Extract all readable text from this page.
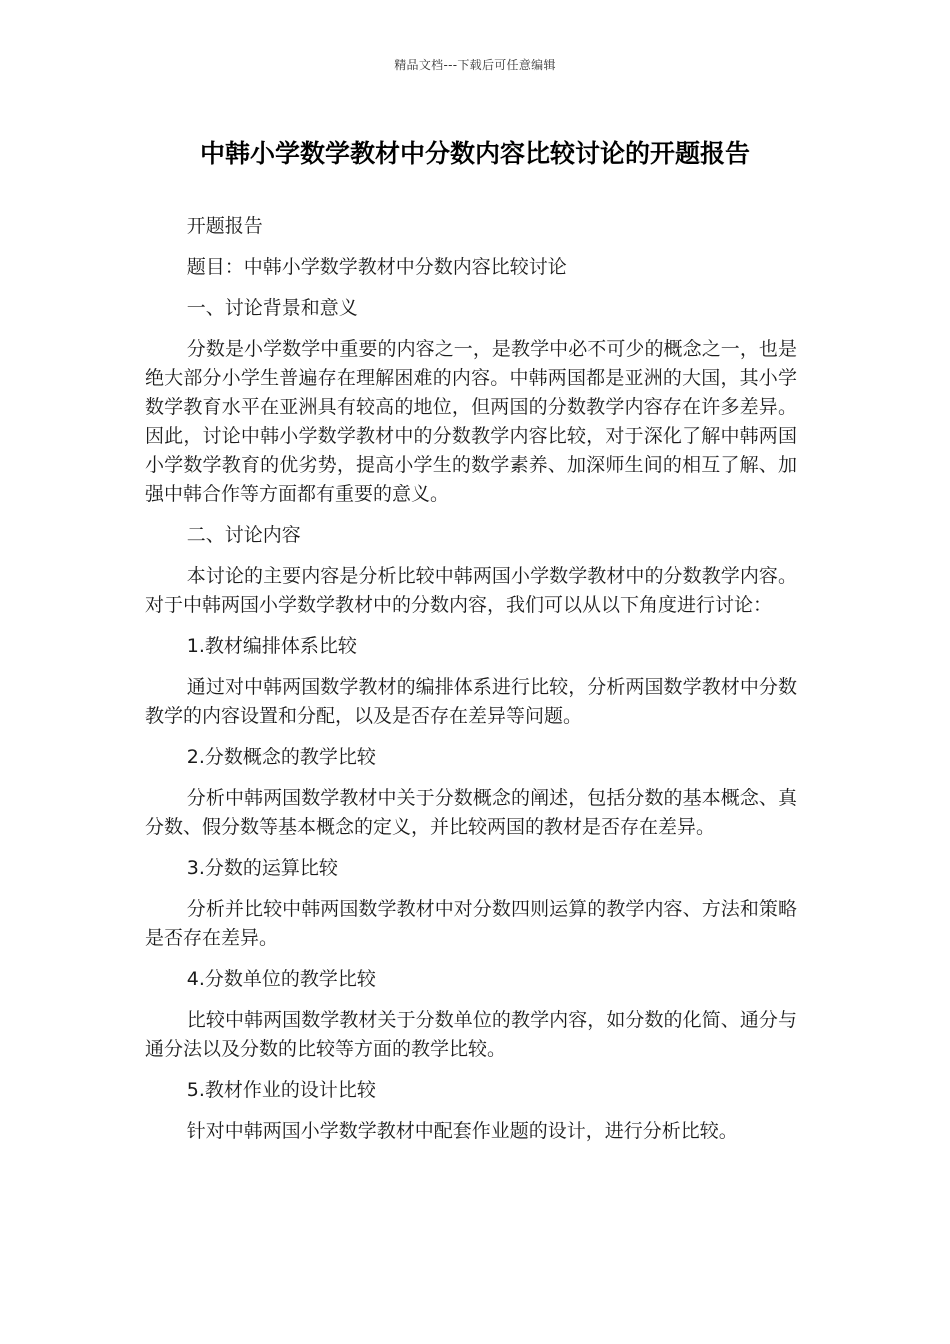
精品文档---下载后可任意编辑
中韩小学数学教材中分数内容比较讨论的开题报告

开题报告

题目：中韩小学数学教材中分数内容比较讨论

一、讨论背景和意义

分数是小学数学中重要的内容之一，是教学中必不可少的概念之一，也是绝大部分小学生普遍存在理解困难的内容。中韩两国都是亚洲的大国，其小学数学教育水平在亚洲具有较高的地位，但两国的分数教学内容存在许多差异。因此，讨论中韩小学数学教材中的分数教学内容比较，对于深化了解中韩两国小学数学教育的优劣势，提高小学生的数学素养、加深师生间的相互了解、加强中韩合作等方面都有重要的意义。

二、讨论内容

本讨论的主要内容是分析比较中韩两国小学数学教材中的分数教学内容。对于中韩两国小学数学教材中的分数内容，我们可以从以下角度进行讨论：

1.教材编排体系比较

通过对中韩两国数学教材的编排体系进行比较，分析两国数学教材中分数教学的内容设置和分配，以及是否存在差异等问题。

2.分数概念的教学比较

分析中韩两国数学教材中关于分数概念的阐述，包括分数的基本概念、真分数、假分数等基本概念的定义，并比较两国的教材是否存在差异。

3.分数的运算比较

分析并比较中韩两国数学教材中对分数四则运算的教学内容、方法和策略是否存在差异。

4.分数单位的教学比较

比较中韩两国数学教材关于分数单位的教学内容，如分数的化简、通分与通分法以及分数的比较等方面的教学比较。

5.教材作业的设计比较

针对中韩两国小学数学教材中配套作业题的设计，进行分析比较。
